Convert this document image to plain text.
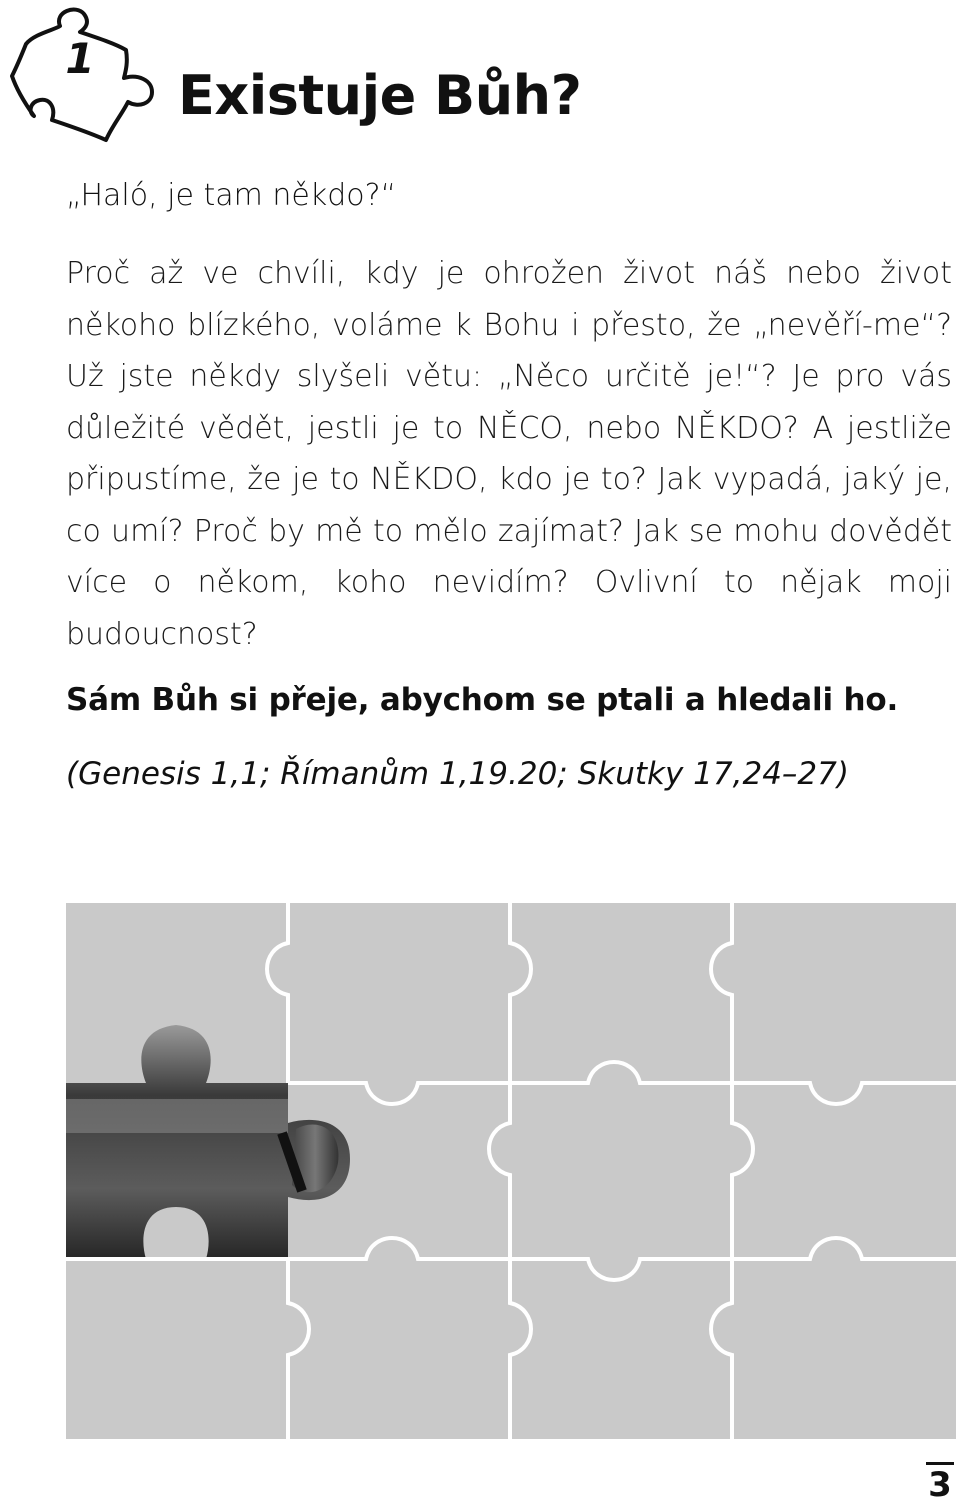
1
Existuje Bůh?
„Haló, je tam někdo?“
Proč až ve chvíli, kdy je ohrožen život náš nebo život někoho blízkého, voláme k Bohu i přesto, že „nevěří-me“? Už jste někdy slyšeli větu: „Něco určitě je!“? Je pro vás důležité vědět, jestli je to NĚCO, nebo NĚKDO? A jestliže připustíme, že je to NĚKDO, kdo je to? Jak vypadá, jaký je, co umí? Proč by mě to mělo zajímat? Jak se mohu dovědět více o někom, koho nevidím? Ovlivní to nějak moji budoucnost?
Sám Bůh si přeje, abychom se ptali a hledali ho.
(Genesis 1,1; Římanům 1,19.20; Skutky 17,24–27)
3
